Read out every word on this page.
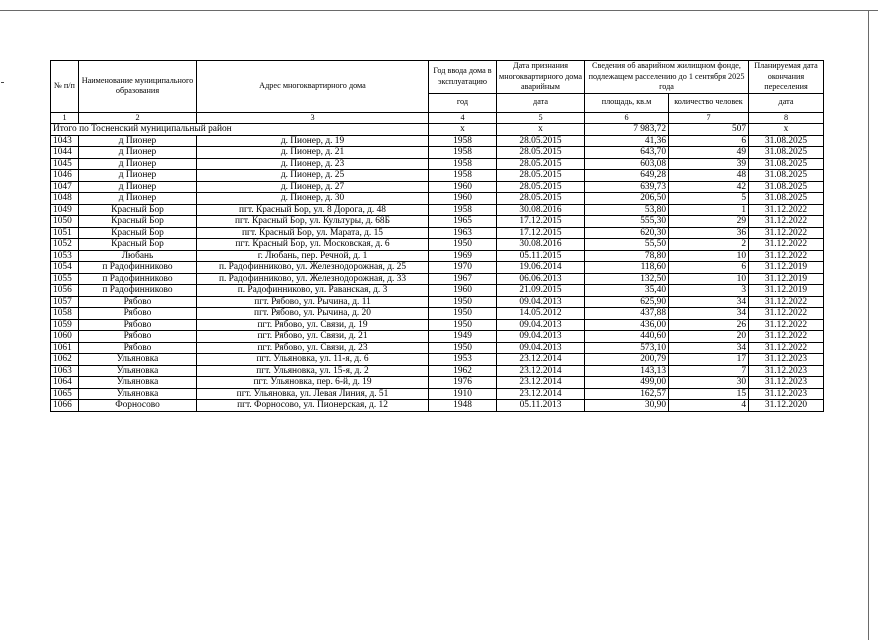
№ п/п	Наименование муниципального образования	Адрес многоквартирного дома	Год ввода дома в эксплуатацию	Дата признания многоквартирного дома аварийным	Сведения об аварийном жилищном фонде, подлежащем расселению до 1 сентября 2025 года		Планируемая дата окончания переселения
			год	дата	площадь, кв.м	количество человек	дата
1	2	3	4	5	6	7	8
Итого по Тосненский муниципальный район			x	x	7 983,72	507	x
1043	д Пионер	д. Пионер, д. 19	1958	28.05.2015	41,36	6	31.08.2025
1044	д Пионер	д. Пионер, д. 21	1958	28.05.2015	643,70	49	31.08.2025
1045	д Пионер	д. Пионер, д. 23	1958	28.05.2015	603,08	39	31.08.2025
1046	д Пионер	д. Пионер, д. 25	1958	28.05.2015	649,28	48	31.08.2025
1047	д Пионер	д. Пионер, д. 27	1960	28.05.2015	639,73	42	31.08.2025
1048	д Пионер	д. Пионер, д. 30	1960	28.05.2015	206,50	5	31.08.2025
1049	Красный Бор	пгт. Красный Бор, ул. 8 Дорога, д. 48	1958	30.08.2016	53,80	1	31.12.2022
1050	Красный Бор	пгт. Красный Бор, ул. Культуры, д. 68Б	1965	17.12.2015	555,30	29	31.12.2022
1051	Красный Бор	пгт. Красный Бор, ул. Марата, д. 15	1963	17.12.2015	620,30	36	31.12.2022
1052	Красный Бор	пгт. Красный Бор, ул. Московская, д. 6	1950	30.08.2016	55,50	2	31.12.2022
1053	Любань	г. Любань, пер. Речной, д. 1	1969	05.11.2015	78,80	10	31.12.2022
1054	п Радофинниково	п. Радофинниково, ул. Железнодорожная, д. 25	1970	19.06.2014	118,60	6	31.12.2019
1055	п Радофинниково	п. Радофинниково, ул. Железнодорожная, д. 33	1967	06.06.2013	132,50	10	31.12.2019
1056	п Радофинниково	п. Радофинниково, ул. Раванская, д. 3	1960	21.09.2015	35,40	3	31.12.2019
1057	Рябово	пгт. Рябово, ул. Рычина, д. 11	1950	09.04.2013	625,90	34	31.12.2022
1058	Рябово	пгт. Рябово, ул. Рычина, д. 20	1950	14.05.2012	437,88	34	31.12.2022
1059	Рябово	пгт. Рябово, ул. Связи, д. 19	1950	09.04.2013	436,00	26	31.12.2022
1060	Рябово	пгт. Рябово, ул. Связи, д. 21	1949	09.04.2013	440,60	20	31.12.2022
1061	Рябово	пгт. Рябово, ул. Связи, д. 23	1950	09.04.2013	573,10	34	31.12.2022
1062	Ульяновка	пгт. Ульяновка, ул. 11-я, д. 6	1953	23.12.2014	200,79	17	31.12.2023
1063	Ульяновка	пгт. Ульяновка, ул. 15-я, д. 2	1962	23.12.2014	143,13	7	31.12.2023
1064	Ульяновка	пгт. Ульяновка, пер. 6-й, д. 19	1976	23.12.2014	499,00	30	31.12.2023
1065	Ульяновка	пгт. Ульяновка, ул. Левая Линия, д. 51	1910	23.12.2014	162,57	15	31.12.2023
1066	Форносово	пгт. Форносово, ул. Пионерская, д. 12	1948	05.11.2013	30,90	4	31.12.2020
